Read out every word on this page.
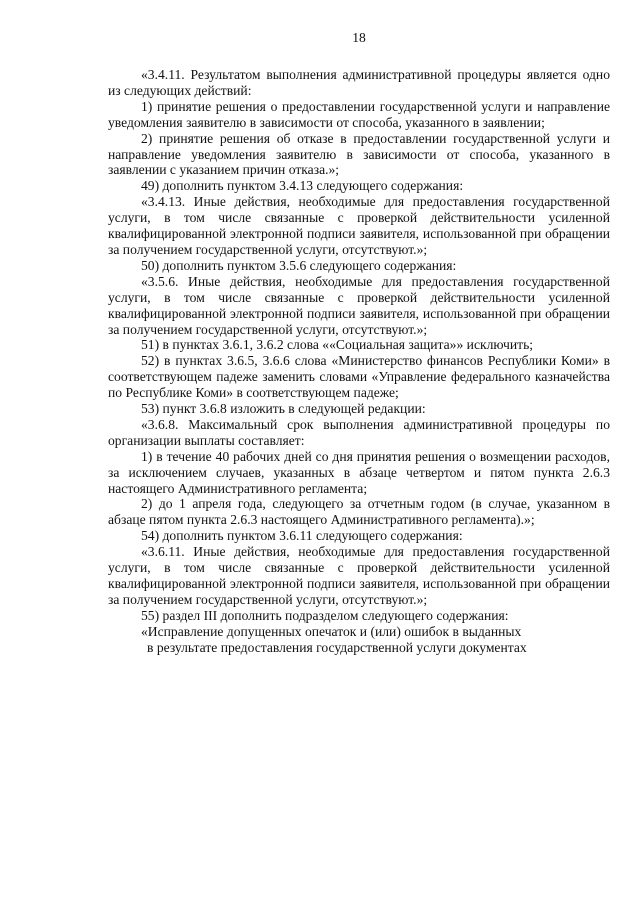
18

«3.4.11. Результатом выполнения административной процедуры является одно из следующих действий:

1) принятие решения о предоставлении государственной услуги и направление уведомления заявителю в зависимости от способа, указанного в заявлении;

2) принятие решения об отказе в предоставлении государственной услуги и направление уведомления заявителю в зависимости от способа, указанного в заявлении с указанием причин отказа.»;

49) дополнить пунктом 3.4.13 следующего содержания:

«3.4.13. Иные действия, необходимые для предоставления государственной услуги, в том числе связанные с проверкой действительности усиленной квалифицированной электронной подписи заявителя, использованной при обращении за получением государственной услуги, отсутствуют.»;

50) дополнить пунктом 3.5.6 следующего содержания:

«3.5.6. Иные действия, необходимые для предоставления государственной услуги, в том числе связанные с проверкой действительности усиленной квалифицированной электронной подписи заявителя, использованной при обращении за получением государственной услуги, отсутствуют.»;

51) в пунктах 3.6.1, 3.6.2 слова ««Социальная защита»» исключить;

52) в пунктах 3.6.5, 3.6.6 слова «Министерство финансов Республики Коми» в соответствующем падеже заменить словами «Управление федерального казначейства по Республике Коми» в соответствующем падеже;

53) пункт 3.6.8 изложить в следующей редакции:

«3.6.8. Максимальный срок выполнения административной процедуры по организации выплаты составляет:

1) в течение 40 рабочих дней со дня принятия решения о возмещении расходов, за исключением случаев, указанных в абзаце четвертом и пятом пункта 2.6.3 настоящего Административного регламента;

2) до 1 апреля года, следующего за отчетным годом (в случае, указанном в абзаце пятом пункта 2.6.3 настоящего Административного регламента).»;

54) дополнить пунктом 3.6.11 следующего содержания:

«3.6.11. Иные действия, необходимые для предоставления государственной услуги, в том числе связанные с проверкой действительности усиленной квалифицированной электронной подписи заявителя, использованной при обращении за получением государственной услуги, отсутствуют.»;

55) раздел III дополнить подразделом следующего содержания:

«Исправление допущенных опечаток и (или) ошибок в выданных
в результате предоставления государственной услуги документах
